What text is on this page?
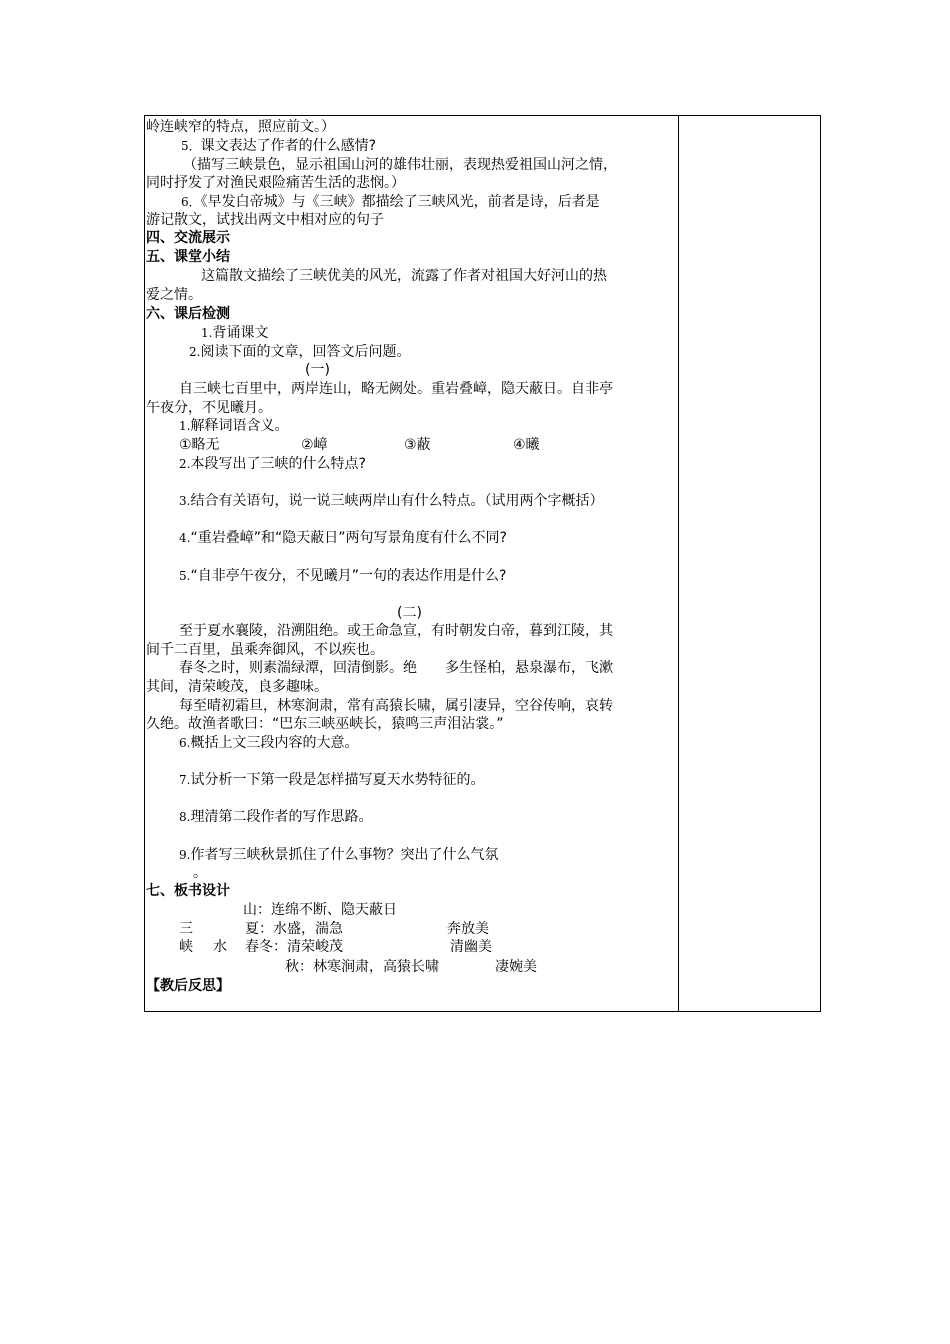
岭连峡窄的特点，照应前文。）
5．课文表达了作者的什么感情?
（描写三峡景色，显示祖国山河的雄伟壮丽，表现热爱祖国山河之情，
同时抒发了对渔民艰险痛苦生活的悲悯。）
6．《早发白帝城》与《三峡》都描绘了三峡风光，前者是诗，后者是
游记散文，试找出两文中相对应的句子
四、交流展示
五、课堂小结
这篇散文描绘了三峡优美的风光，流露了作者对祖国大好河山的热
爱之情。
六、课后检测
1.背诵课文
2.阅读下面的文章，回答文后问题。
(一)
自三峡七百里中，两岸连山，略无阙处。重岩叠嶂，隐天蔽日。自非亭
午夜分，不见曦月。
1.解释词语含义。
①略无	②嶂	③蔽	④曦
2.本段写出了三峡的什么特点?
3.结合有关语句，说一说三峡两岸山有什么特点。（试用两个字概括）
4.“重岩叠嶂”和“隐天蔽日”两句写景角度有什么不同?
5.“自非亭午夜分，不见曦月”一句的表达作用是什么?
(二)
至于夏水襄陵，沿溯阻绝。或王命急宣，有时朝发白帝，暮到江陵，其
间千二百里，虽乘奔御风，不以疾也。
春冬之时，则素湍绿潭，回清倒影。绝　　多生怪柏，悬泉瀑布，飞漱
其间，清荣峻茂，良多趣味。
每至晴初霜旦，林寒涧肃，常有高猿长啸，属引凄异，空谷传响，哀转
久绝。故渔者歌曰：“巴东三峡巫峡长，猿鸣三声泪沾裳。”
6.概括上文三段内容的大意。
7.试分析一下第一段是怎样描写夏天水势特征的。
8.理清第二段作者的写作思路。
9.作者写三峡秋景抓住了什么事物？突出了什么气氛
。
七、板书设计
山：连绵不断、隐天蔽日
三	夏：水盛，湍急	奔放美
峡 水 春冬：清荣峻茂	清幽美
秋：林寒涧肃，高猿长啸	凄婉美
【教后反思】
